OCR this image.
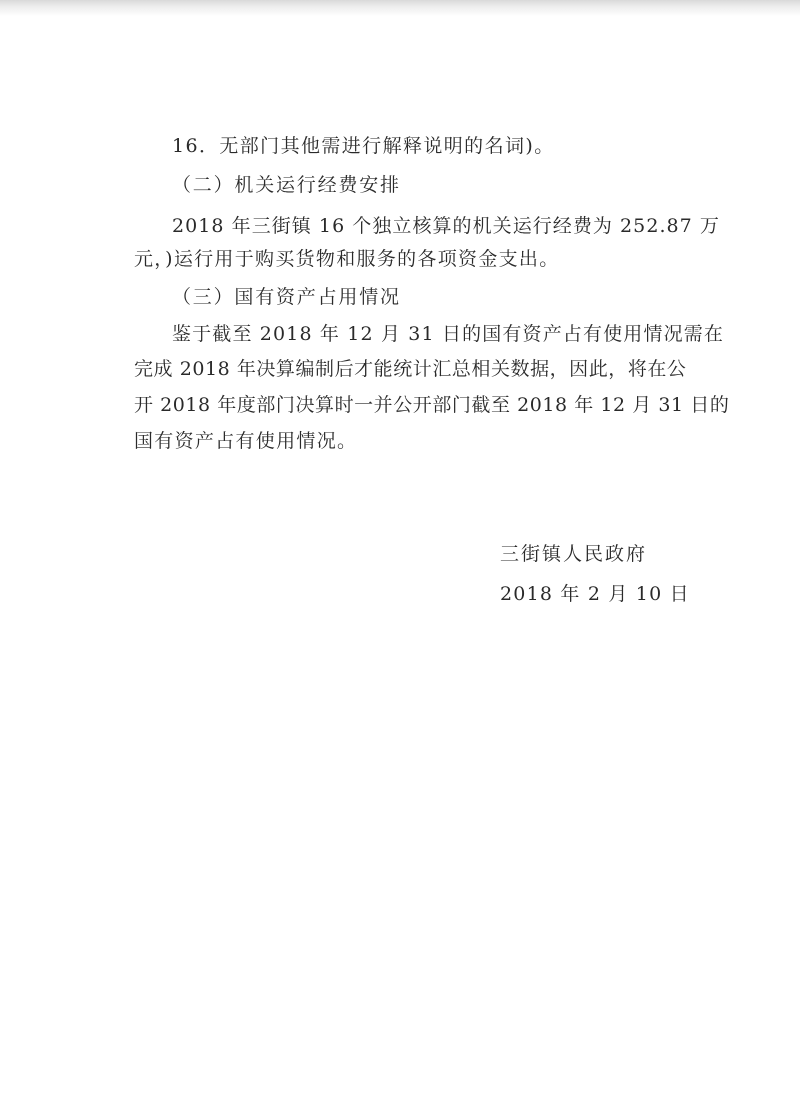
16．无部门其他需进行解释说明的名词)。
（二）机关运行经费安排
2018 年三街镇 16 个独立核算的机关运行经费为 252.87 万
元，)运行用于购买货物和服务的各项资金支出。
（三）国有资产占用情况
鉴于截至 2018 年 12 月 31 日的国有资产占有使用情况需在
完成 2018 年决算编制后才能统计汇总相关数据，因此，将在公
开 2018 年度部门决算时一并公开部门截至 2018 年 12 月 31 日的
国有资产占有使用情况。
三街镇人民政府
2018 年 2 月 10 日
